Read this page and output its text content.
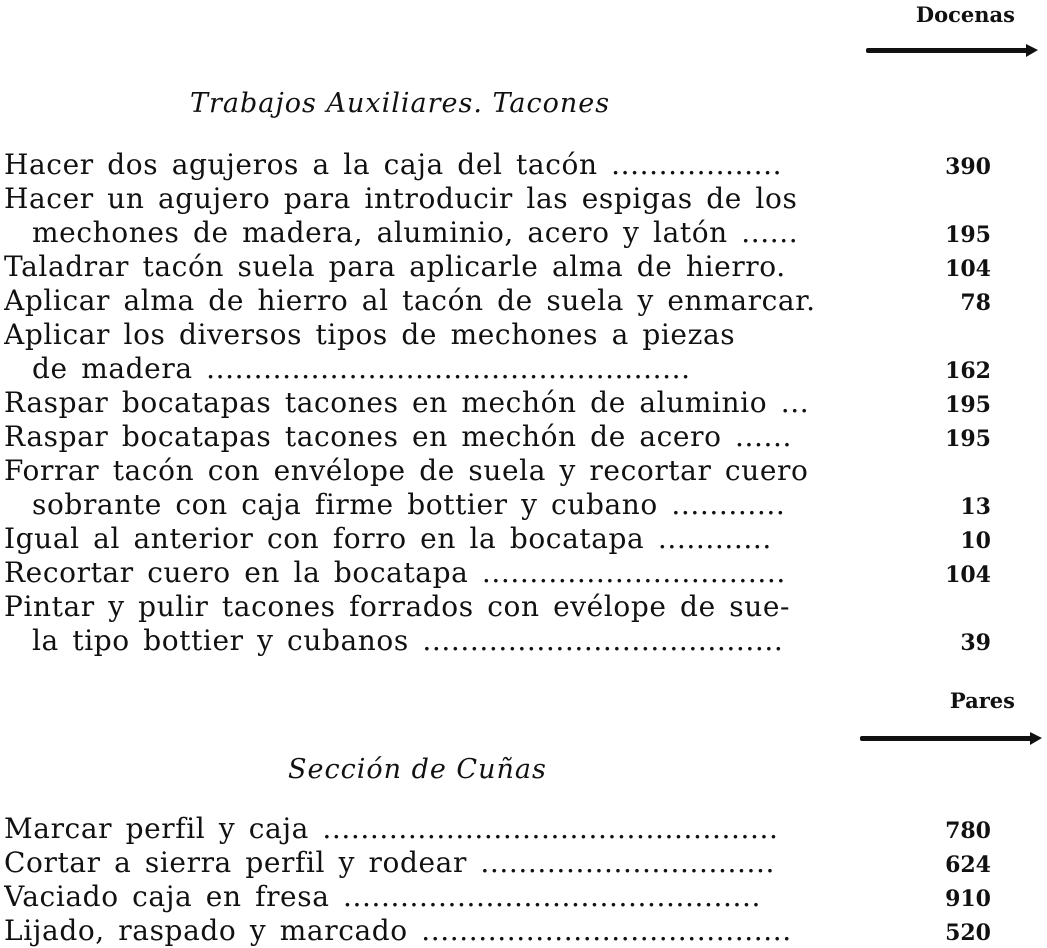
Docenas
Trabajos Auxiliares. Tacones
Hacer dos agujeros a la caja del tacón ..................	390
Hacer un agujero para introducir las espigas de los
mechones de madera, aluminio, acero y latón ......	195
Taladrar tacón suela para aplicarle alma de hierro.	104
Aplicar alma de hierro al tacón de suela y enmarcar.	78
Aplicar los diversos tipos de mechones a piezas
de madera ...................................................	162
Raspar bocatapas tacones en mechón de aluminio ...	195
Raspar bocatapas tacones en mechón de acero ......	195
Forrar tacón con envélope de suela y recortar cuero
sobrante con caja firme bottier y cubano ............	13
Igual al anterior con forro en la bocatapa ............	10
Recortar cuero en la bocatapa ................................	104
Pintar y pulir tacones forrados con evélope de sue-
la tipo bottier y cubanos ......................................	39
Pares
Sección de Cuñas
Marcar perfil y caja ................................................	780
Cortar a sierra perfil y rodear ...............................	624
Vaciado caja en fresa ............................................	910
Lijado, raspado y marcado .......................................	520
